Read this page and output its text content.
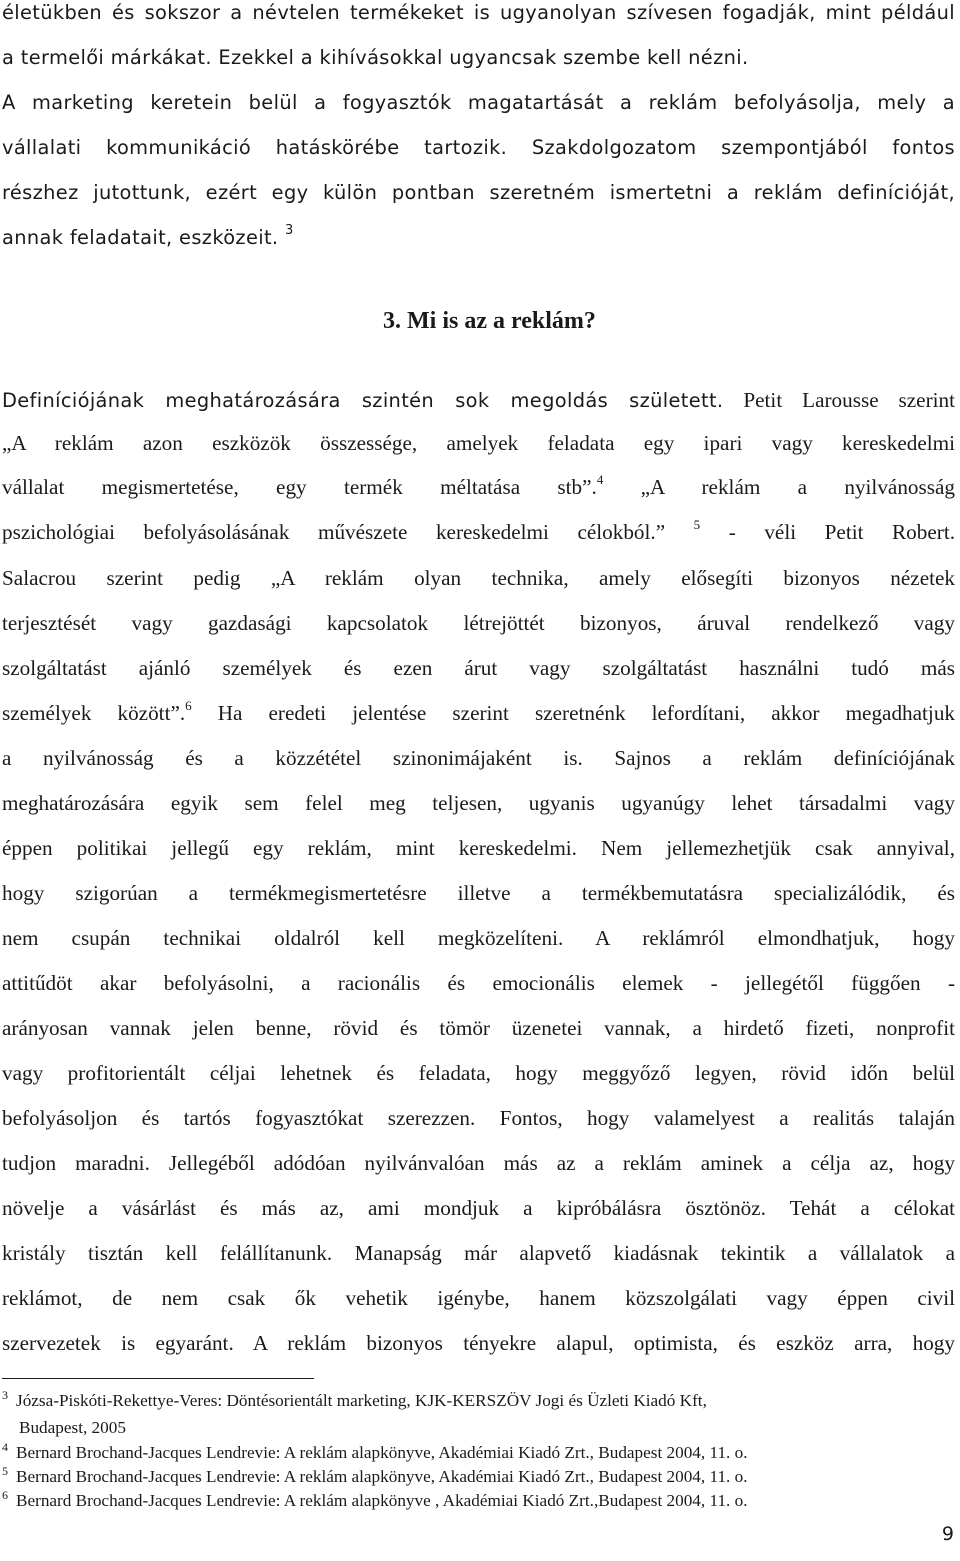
életükben és sokszor a névtelen termékeket is ugyanolyan szívesen fogadják, mint például
a termelői márkákat. Ezekkel a kihívásokkal ugyancsak szembe kell nézni.
A marketing keretein belül a fogyasztók magatartását a reklám befolyásolja, mely a
vállalati kommunikáció hatáskörébe tartozik. Szakdolgozatom szempontjából fontos
részhez jutottunk, ezért egy külön pontban szeretném ismertetni a reklám definícióját,
annak feladatait, eszközeit. $^3$
3. Mi is az a reklám?
Definíciójának meghatározására szintén sok megoldás született. Petit Larousse szerint
„A reklám azon eszközök összessége, amelyek feladata egy ipari vagy kereskedelmi
vállalat megismertetése, egy termék méltatása stb”.$^4$ „A reklám a nyilvánosság
pszichológiai befolyásolásának művészete kereskedelmi célokból.” $^5$ - véli Petit Robert.
Salacrou szerint pedig „A reklám olyan technika, amely elősegíti bizonyos nézetek
terjesztését vagy gazdasági kapcsolatok létrejöttét bizonyos, áruval rendelkező vagy
szolgáltatást ajánló személyek és ezen árut vagy szolgáltatást használni tudó más
személyek között”.$^6$ Ha eredeti jelentése szerint szeretnénk lefordítani, akkor megadhatjuk
a nyilvánosság és a közzététel szinonimájaként is. Sajnos a reklám definíciójának
meghatározására egyik sem felel meg teljesen, ugyanis ugyanúgy lehet társadalmi vagy
éppen politikai jellegű egy reklám, mint kereskedelmi. Nem jellemezhetjük csak annyival,
hogy szigorúan a termékmegismertetésre illetve a termékbemutatásra specializálódik, és
nem csupán technikai oldalról kell megközelíteni. A reklámról elmondhatjuk, hogy
attitűdöt akar befolyásolni, a racionális és emocionális elemek - jellegétől függően -
arányosan vannak jelen benne, rövid és tömör üzenetei vannak, a hirdető fizeti, nonprofit
vagy profitorientált céljai lehetnek és feladata, hogy meggyőző legyen, rövid időn belül
befolyásoljon és tartós fogyasztókat szerezzen. Fontos, hogy valamelyest a realitás talaján
tudjon maradni. Jellegéből adódóan nyilvánvalóan más az a reklám aminek a célja az, hogy
növelje a vásárlást és más az, ami mondjuk a kipróbálásra ösztönöz. Tehát a célokat
kristály tisztán kell felállítanunk. Manapság már alapvető kiadásnak tekintik a vállalatok a
reklámot, de nem csak ők vehetik igénybe, hanem közszolgálati vagy éppen civil
szervezetek is egyaránt. A reklám bizonyos tényekre alapul, optimista, és eszköz arra, hogy
$^3$ Józsa-Piskóti-Rekettye-Veres: Döntésorientált marketing, KJK-KERSZÖV Jogi és Üzleti Kiadó Kft,
Budapest, 2005
$^4$ Bernard Brochand-Jacques Lendrevie: A reklám alapkönyve, Akadémiai Kiadó Zrt., Budapest 2004, 11. o.
$^5$ Bernard Brochand-Jacques Lendrevie: A reklám alapkönyve, Akadémiai Kiadó Zrt., Budapest 2004, 11. o.
$^6$ Bernard Brochand-Jacques Lendrevie: A reklám alapkönyve , Akadémiai Kiadó Zrt.,Budapest 2004, 11. o.
9
